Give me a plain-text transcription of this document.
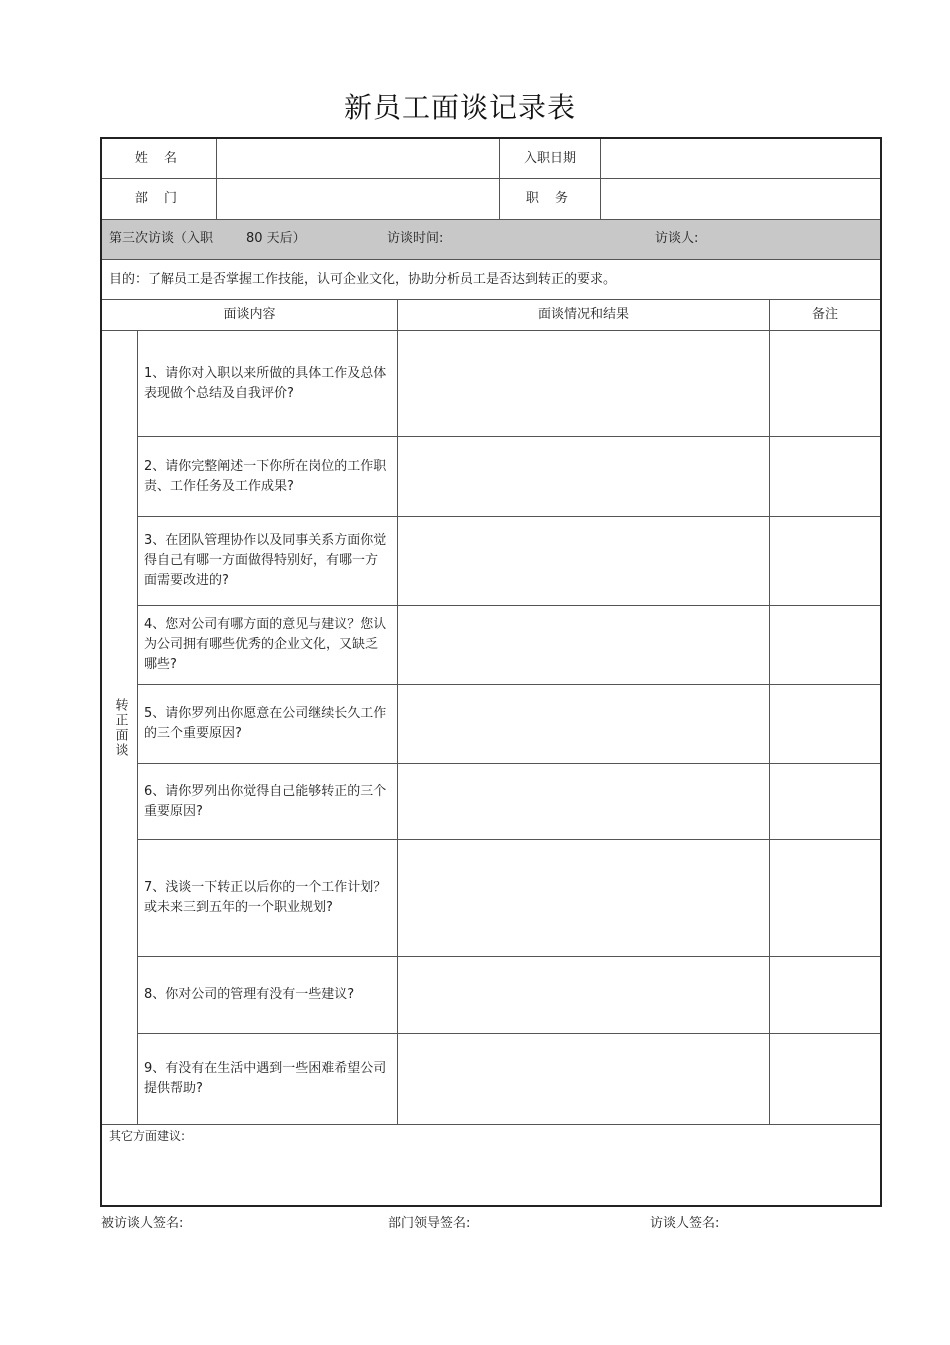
新员工面谈记录表
姓 名	入职日期
部 门	职 务
第三次访谈（入职	80 天后）	访谈时间:	访谈人:
目的：了解员工是否掌握工作技能，认可企业文化，协助分析员工是否达到转正的要求。
面谈内容	面谈情况和结果	备注
转正面谈
1、请你对入职以来所做的具体工作及总体表现做个总结及自我评价?
2、请你完整阐述一下你所在岗位的工作职责、工作任务及工作成果?
3、在团队管理协作以及同事关系方面你觉得自己有哪一方面做得特别好，有哪一方面需要改进的?
4、您对公司有哪方面的意见与建议？您认为公司拥有哪些优秀的企业文化，又缺乏哪些?
5、请你罗列出你愿意在公司继续长久工作的三个重要原因?
6、请你罗列出你觉得自己能够转正的三个重要原因?
7、浅谈一下转正以后你的一个工作计划？或未来三到五年的一个职业规划?
8、你对公司的管理有没有一些建议?
9、有没有在生活中遇到一些困难希望公司提供帮助?
其它方面建议:
被访谈人签名:	部门领导签名:	访谈人签名:
